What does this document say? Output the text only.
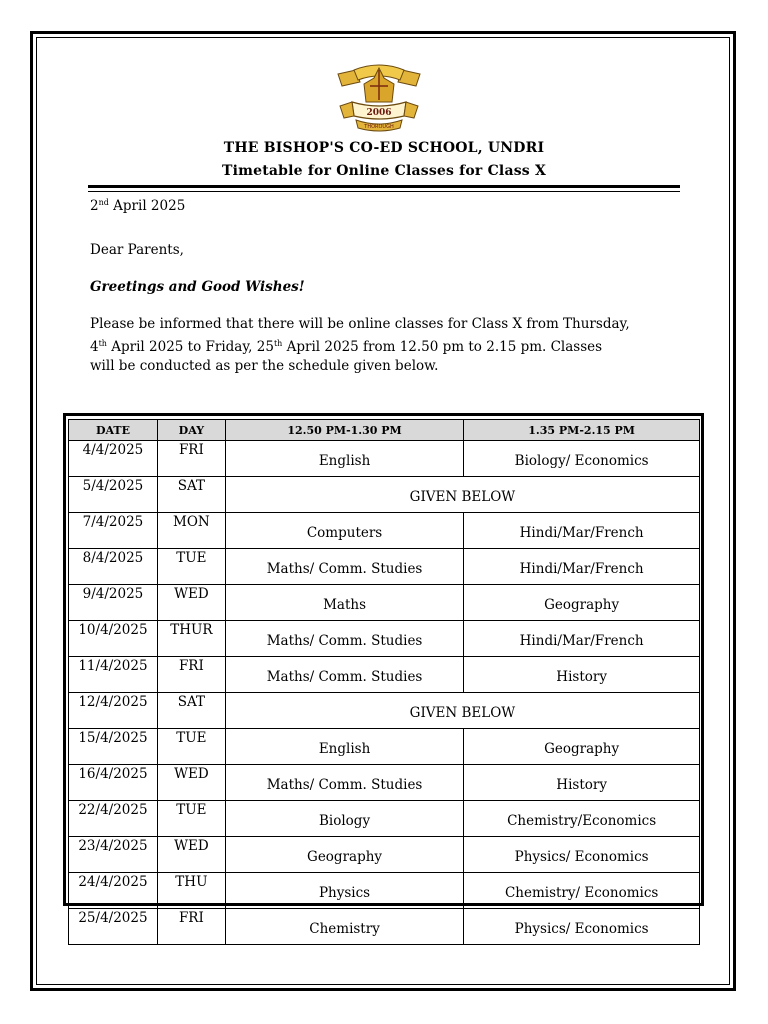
2006
THOROUGH
THE BISHOP'S CO-ED SCHOOL, UNDRI
Timetable for Online Classes for Class X
2nd April 2025
Dear Parents,
Greetings and Good Wishes!
Please be informed that there will be online classes for Class X from Thursday,
4th April 2025 to Friday, 25th April 2025 from 12.50 pm to 2.15 pm. Classes
will be conducted as per the schedule given below.
DATE	DAY	12.50 PM-1.30 PM	1.35 PM-2.15 PM
4/4/2025	FRI	English	Biology/ Economics
5/4/2025	SAT	GIVEN BELOW	
7/4/2025	MON	Computers	Hindi/Mar/French
8/4/2025	TUE	Maths/ Comm. Studies	Hindi/Mar/French
9/4/2025	WED	Maths	Geography
10/4/2025	THUR	Maths/ Comm. Studies	Hindi/Mar/French
11/4/2025	FRI	Maths/ Comm. Studies	History
12/4/2025	SAT	GIVEN BELOW	
15/4/2025	TUE	English	Geography
16/4/2025	WED	Maths/ Comm. Studies	History
22/4/2025	TUE	Biology	Chemistry/Economics
23/4/2025	WED	Geography	Physics/ Economics
24/4/2025	THU	Physics	Chemistry/ Economics
25/4/2025	FRI	Chemistry	Physics/ Economics
